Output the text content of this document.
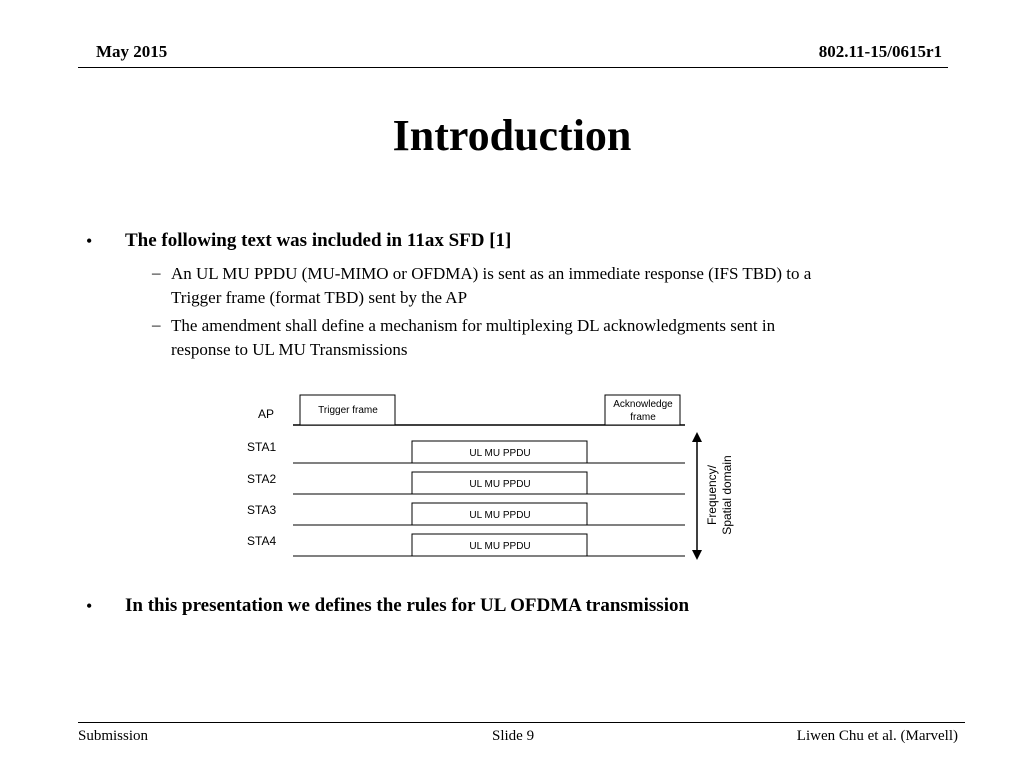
May 2015	802.11-15/0615r1
Introduction
• The following text was included in 11ax SFD [1]
– An UL MU PPDU (MU-MIMO or OFDMA) is sent as an immediate response (IFS TBD) to a
Trigger frame (format TBD) sent by the AP
– The amendment shall define a mechanism for multiplexing DL acknowledgments sent in
response to UL MU Transmissions
AP	Trigger frame
Acknowledge
frame
STA1	UL MU PPDU
STA2	UL MU PPDU
STA3	UL MU PPDU
STA4	UL MU PPDU
Frequency/ Spatial domain
• In this presentation we defines the rules for UL OFDMA transmission
Submission	Slide 9	Liwen Chu et al. (Marvell)
